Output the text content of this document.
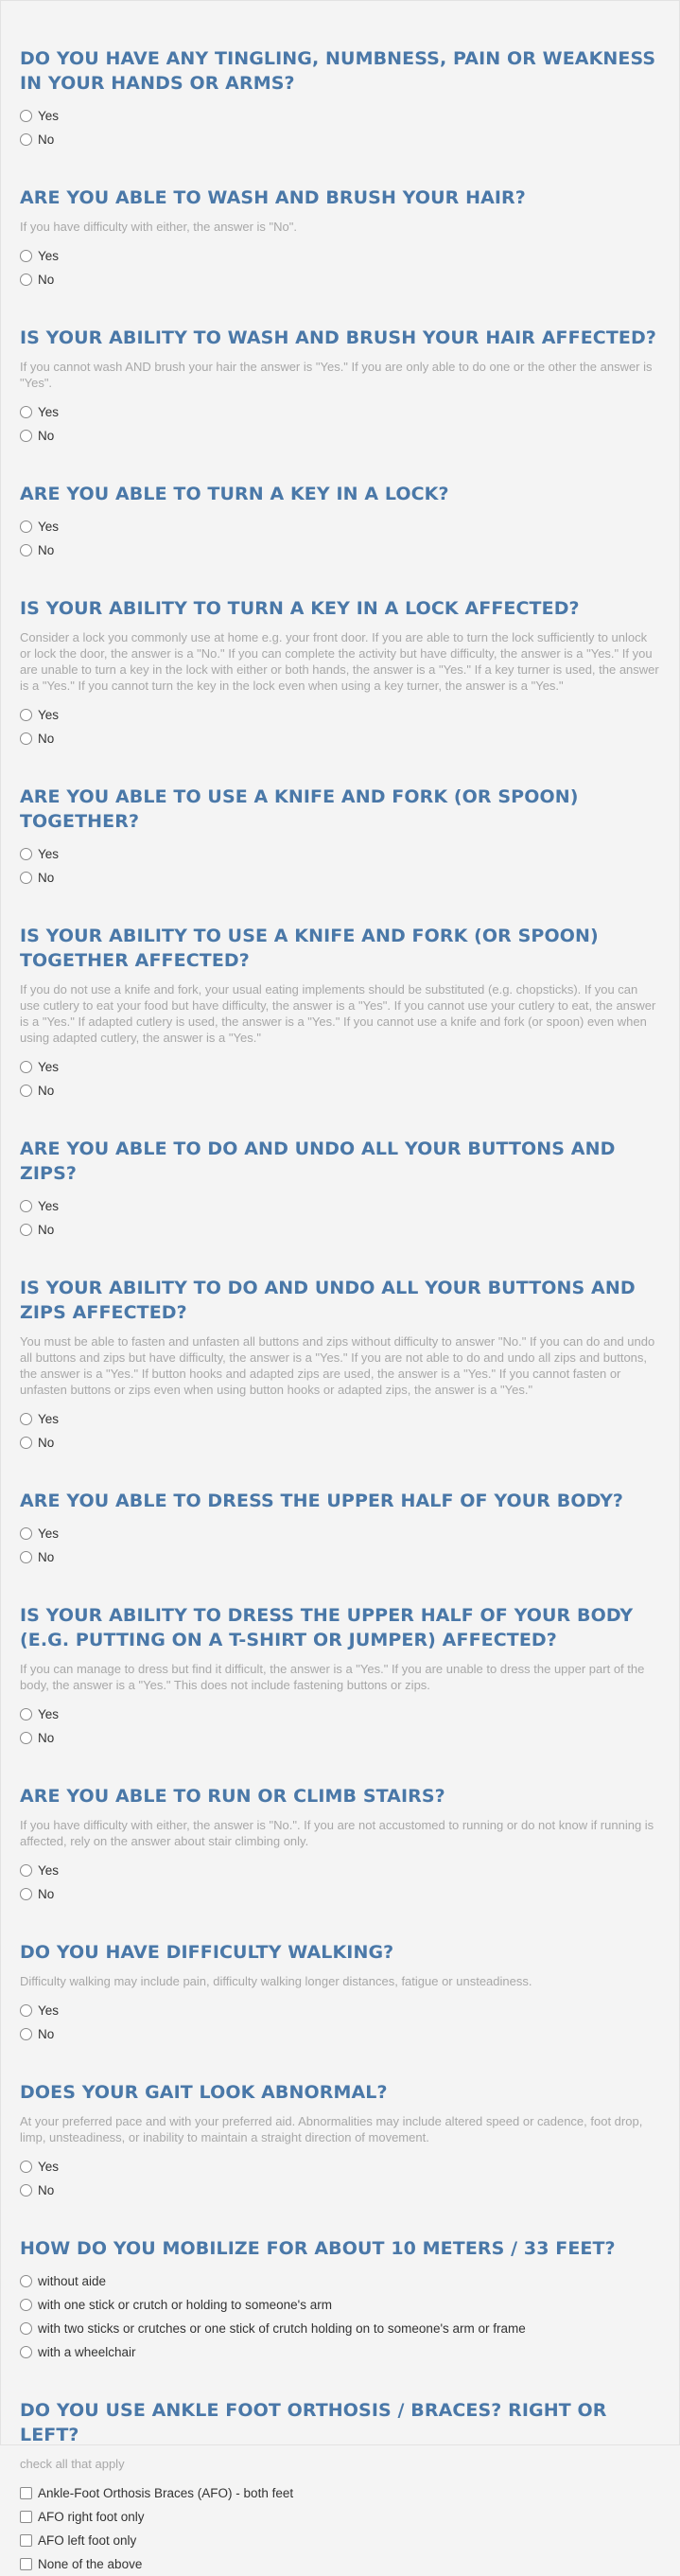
DO YOU HAVE ANY TINGLING, NUMBNESS, PAIN OR WEAKNESS IN YOUR HANDS OR ARMS?
Yes
No
ARE YOU ABLE TO WASH AND BRUSH YOUR HAIR?
If you have difficulty with either, the answer is "No".
Yes
No
IS YOUR ABILITY TO WASH AND BRUSH YOUR HAIR AFFECTED?
If you cannot wash AND brush your hair the answer is "Yes." If you are only able to do one or the other the answer is "Yes".
Yes
No
ARE YOU ABLE TO TURN A KEY IN A LOCK?
Yes
No
IS YOUR ABILITY TO TURN A KEY IN A LOCK AFFECTED?
Consider a lock you commonly use at home e.g. your front door. If you are able to turn the lock sufficiently to unlock or lock the door, the answer is a "No." If you can complete the activity but have difficulty, the answer is a "Yes." If you are unable to turn a key in the lock with either or both hands, the answer is a "Yes." If a key turner is used, the answer is a "Yes." If you cannot turn the key in the lock even when using a key turner, the answer is a "Yes."
Yes
No
ARE YOU ABLE TO USE A KNIFE AND FORK (OR SPOON) TOGETHER?
Yes
No
IS YOUR ABILITY TO USE A KNIFE AND FORK (OR SPOON) TOGETHER AFFECTED?
If you do not use a knife and fork, your usual eating implements should be substituted (e.g. chopsticks). If you can use cutlery to eat your food but have difficulty, the answer is a "Yes". If you cannot use your cutlery to eat, the answer is a "Yes." If adapted cutlery is used, the answer is a "Yes." If you cannot use a knife and fork (or spoon) even when using adapted cutlery, the answer is a "Yes."
Yes
No
ARE YOU ABLE TO DO AND UNDO ALL YOUR BUTTONS AND ZIPS?
Yes
No
IS YOUR ABILITY TO DO AND UNDO ALL YOUR BUTTONS AND ZIPS AFFECTED?
You must be able to fasten and unfasten all buttons and zips without difficulty to answer "No." If you can do and undo all buttons and zips but have difficulty, the answer is a "Yes." If you are not able to do and undo all zips and buttons, the answer is a "Yes." If button hooks and adapted zips are used, the answer is a "Yes." If you cannot fasten or unfasten buttons or zips even when using button hooks or adapted zips, the answer is a "Yes."
Yes
No
ARE YOU ABLE TO DRESS THE UPPER HALF OF YOUR BODY?
Yes
No
IS YOUR ABILITY TO DRESS THE UPPER HALF OF YOUR BODY (E.G. PUTTING ON A T-SHIRT OR JUMPER) AFFECTED?
If you can manage to dress but find it difficult, the answer is a "Yes." If you are unable to dress the upper part of the body, the answer is a "Yes." This does not include fastening buttons or zips.
Yes
No
ARE YOU ABLE TO RUN OR CLIMB STAIRS?
If you have difficulty with either, the answer is "No.". If you are not accustomed to running or do not know if running is affected, rely on the answer about stair climbing only.
Yes
No
DO YOU HAVE DIFFICULTY WALKING?
Difficulty walking may include pain, difficulty walking longer distances, fatigue or unsteadiness.
Yes
No
DOES YOUR GAIT LOOK ABNORMAL?
At your preferred pace and with your preferred aid. Abnormalities may include altered speed or cadence, foot drop, limp, unsteadiness, or inability to maintain a straight direction of movement.
Yes
No
HOW DO YOU MOBILIZE FOR ABOUT 10 METERS / 33 FEET?
without aide
with one stick or crutch or holding to someone's arm
with two sticks or crutches or one stick of crutch holding on to someone's arm or frame
with a wheelchair
DO YOU USE ANKLE FOOT ORTHOSIS / BRACES? RIGHT OR LEFT?
check all that apply
Ankle-Foot Orthosis Braces (AFO) - both feet
AFO right foot only
AFO left foot only
None of the above
